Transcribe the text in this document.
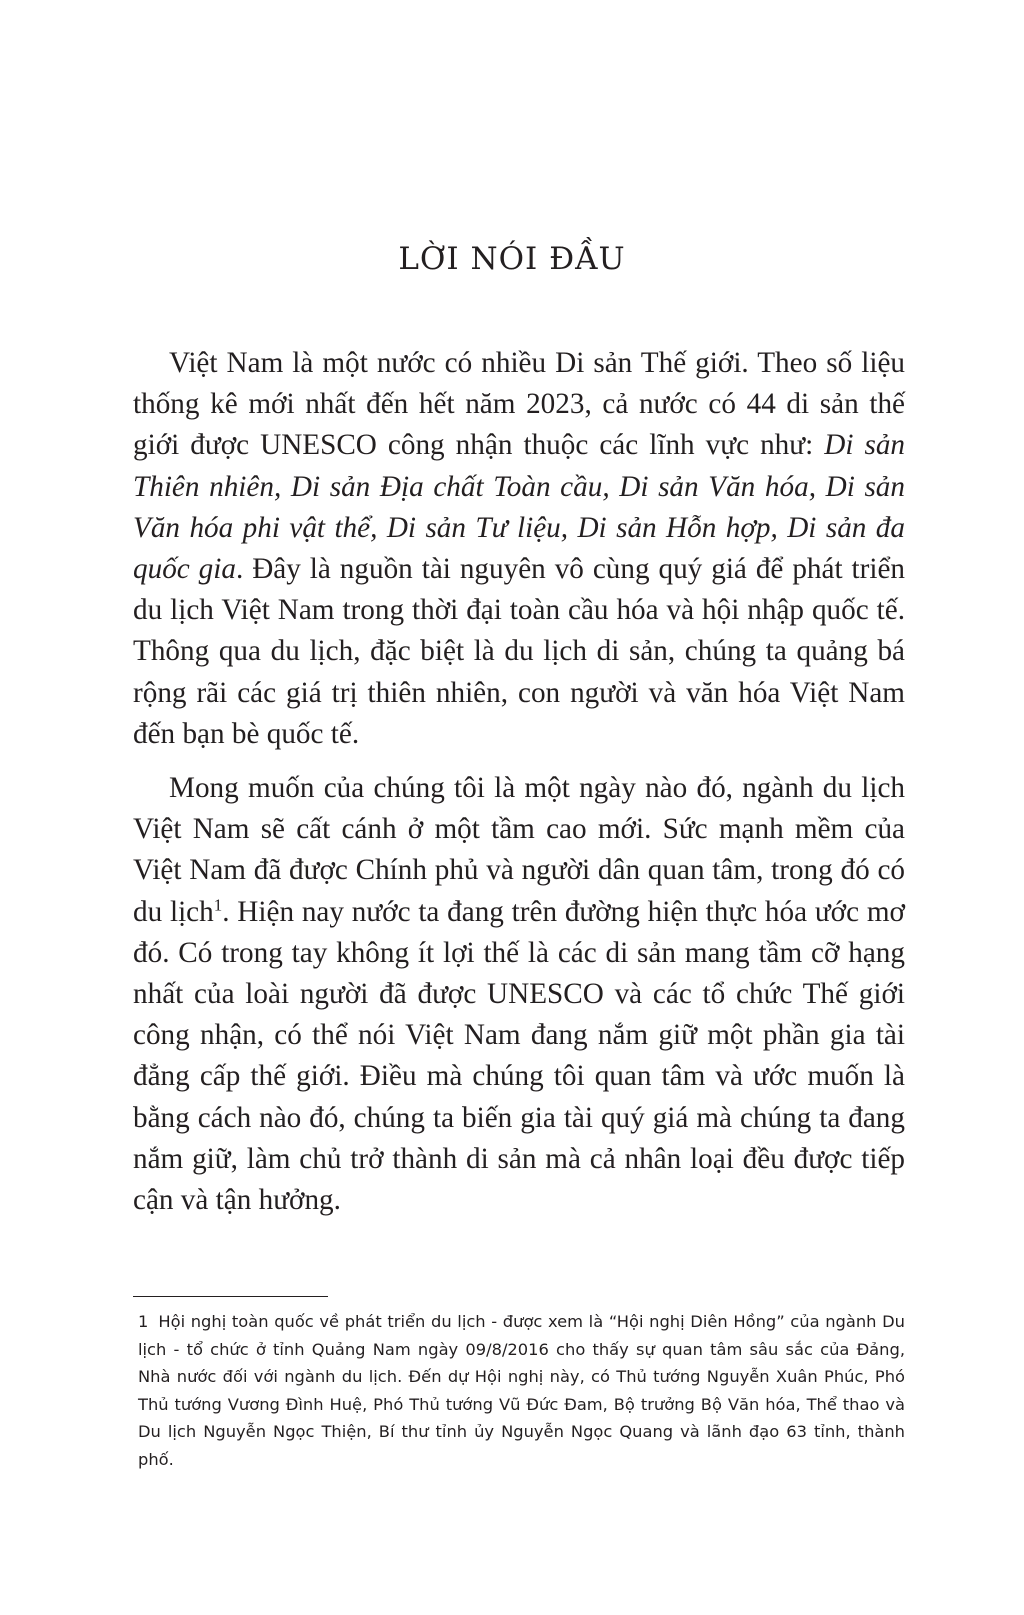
LỜI NÓI ĐẦU

Việt Nam là một nước có nhiều Di sản Thế giới. Theo số liệu thống kê mới nhất đến hết năm 2023, cả nước có 44 di sản thế giới được UNESCO công nhận thuộc các lĩnh vực như: Di sản Thiên nhiên, Di sản Địa chất Toàn cầu, Di sản Văn hóa, Di sản Văn hóa phi vật thể, Di sản Tư liệu, Di sản Hỗn hợp, Di sản đa quốc gia. Đây là nguồn tài nguyên vô cùng quý giá để phát triển du lịch Việt Nam trong thời đại toàn cầu hóa và hội nhập quốc tế. Thông qua du lịch, đặc biệt là du lịch di sản, chúng ta quảng bá rộng rãi các giá trị thiên nhiên, con người và văn hóa Việt Nam đến bạn bè quốc tế.

Mong muốn của chúng tôi là một ngày nào đó, ngành du lịch Việt Nam sẽ cất cánh ở một tầm cao mới. Sức mạnh mềm của Việt Nam đã được Chính phủ và người dân quan tâm, trong đó có du lịch$^1$. Hiện nay nước ta đang trên đường hiện thực hóa ước mơ đó. Có trong tay không ít lợi thế là các di sản mang tầm cỡ hạng nhất của loài người đã được UNESCO và các tổ chức Thế giới công nhận, có thể nói Việt Nam đang nắm giữ một phần gia tài đẳng cấp thế giới. Điều mà chúng tôi quan tâm và ước muốn là bằng cách nào đó, chúng ta biến gia tài quý giá mà chúng ta đang nắm giữ, làm chủ trở thành di sản mà cả nhân loại đều được tiếp cận và tận hưởng.

1 Hội nghị toàn quốc về phát triển du lịch - được xem là “Hội nghị Diên Hồng” của ngành Du lịch - tổ chức ở tỉnh Quảng Nam ngày 09/8/2016 cho thấy sự quan tâm sâu sắc của Đảng, Nhà nước đối với ngành du lịch. Đến dự Hội nghị này, có Thủ tướng Nguyễn Xuân Phúc, Phó Thủ tướng Vương Đình Huệ, Phó Thủ tướng Vũ Đức Đam, Bộ trưởng Bộ Văn hóa, Thể thao và Du lịch Nguyễn Ngọc Thiện, Bí thư tỉnh ủy Nguyễn Ngọc Quang và lãnh đạo 63 tỉnh, thành phố.
